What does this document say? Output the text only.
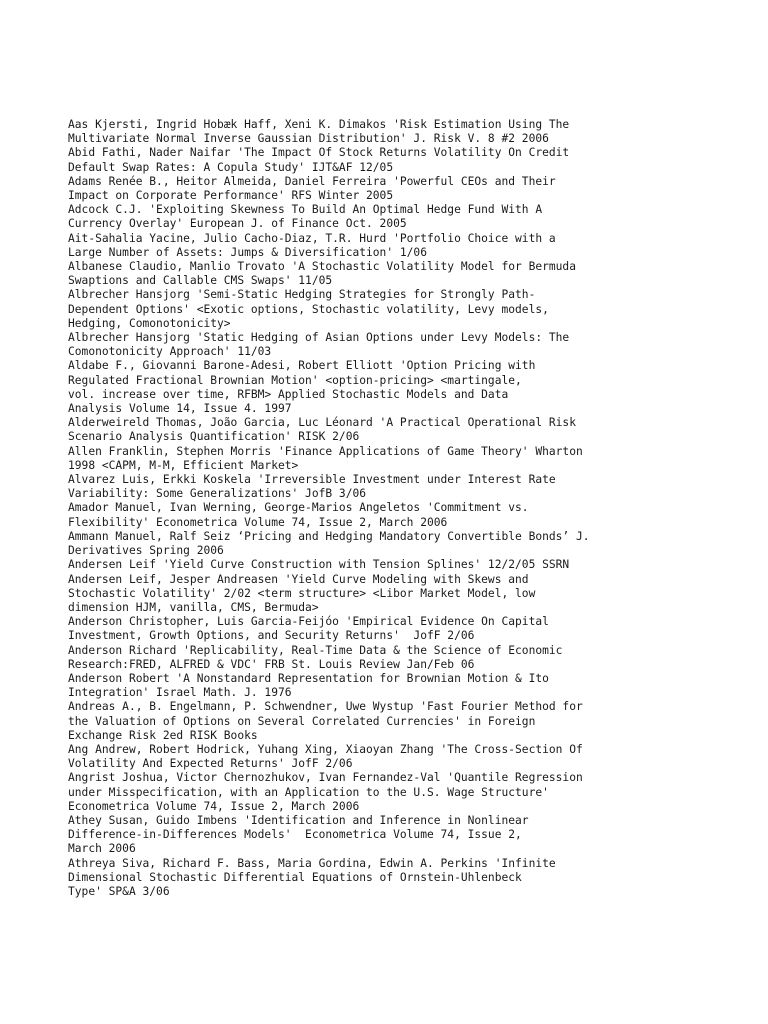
Aas Kjersti, Ingrid Hobæk Haff, Xeni K. Dimakos 'Risk Estimation Using The
Multivariate Normal Inverse Gaussian Distribution' J. Risk V. 8 #2 2006
Abid Fathi, Nader Naifar 'The Impact Of Stock Returns Volatility On Credit
Default Swap Rates: A Copula Study' IJT&AF 12/05
Adams Renée B., Heitor Almeida, Daniel Ferreira 'Powerful CEOs and Their
Impact on Corporate Performance' RFS Winter 2005
Adcock C.J. 'Exploiting Skewness To Build An Optimal Hedge Fund With A
Currency Overlay' European J. of Finance Oct. 2005
Ait-Sahalia Yacine, Julio Cacho-Diaz, T.R. Hurd 'Portfolio Choice with a
Large Number of Assets: Jumps & Diversification' 1/06
Albanese Claudio, Manlio Trovato 'A Stochastic Volatility Model for Bermuda
Swaptions and Callable CMS Swaps' 11/05
Albrecher Hansjorg 'Semi-Static Hedging Strategies for Strongly Path-
Dependent Options' <Exotic options, Stochastic volatility, Levy models,
Hedging, Comonotonicity>
Albrecher Hansjorg 'Static Hedging of Asian Options under Levy Models: The
Comonotonicity Approach' 11/03
Aldabe F., Giovanni Barone-Adesi, Robert Elliott 'Option Pricing with
Regulated Fractional Brownian Motion' <option-pricing> <martingale,
vol. increase over time, RFBM> Applied Stochastic Models and Data
Analysis Volume 14, Issue 4. 1997
Alderweireld Thomas, João Garcia, Luc Léonard 'A Practical Operational Risk
Scenario Analysis Quantification' RISK 2/06
Allen Franklin, Stephen Morris 'Finance Applications of Game Theory' Wharton
1998 <CAPM, M-M, Efficient Market>
Alvarez Luis, Erkki Koskela 'Irreversible Investment under Interest Rate
Variability: Some Generalizations' JofB 3/06
Amador Manuel, Ivan Werning, George-Marios Angeletos 'Commitment vs.
Flexibility' Econometrica Volume 74, Issue 2, March 2006
Ammann Manuel, Ralf Seiz ‘Pricing and Hedging Mandatory Convertible Bonds’ J.
Derivatives Spring 2006
Andersen Leif 'Yield Curve Construction with Tension Splines' 12/2/05 SSRN
Andersen Leif, Jesper Andreasen 'Yield Curve Modeling with Skews and
Stochastic Volatility' 2/02 <term structure> <Libor Market Model, low
dimension HJM, vanilla, CMS, Bermuda>
Anderson Christopher, Luis Garcia-Feijóo 'Empirical Evidence On Capital
Investment, Growth Options, and Security Returns'  JofF 2/06
Anderson Richard 'Replicability, Real-Time Data & the Science of Economic
Research:FRED, ALFRED & VDC' FRB St. Louis Review Jan/Feb 06
Anderson Robert 'A Nonstandard Representation for Brownian Motion & Ito
Integration' Israel Math. J. 1976
Andreas A., B. Engelmann, P. Schwendner, Uwe Wystup 'Fast Fourier Method for
the Valuation of Options on Several Correlated Currencies' in Foreign
Exchange Risk 2ed RISK Books
Ang Andrew, Robert Hodrick, Yuhang Xing, Xiaoyan Zhang 'The Cross-Section Of
Volatility And Expected Returns' JofF 2/06
Angrist Joshua, Victor Chernozhukov, Ivan Fernandez-Val 'Quantile Regression
under Misspecification, with an Application to the U.S. Wage Structure'
Econometrica Volume 74, Issue 2, March 2006
Athey Susan, Guido Imbens 'Identification and Inference in Nonlinear
Difference-in-Differences Models'  Econometrica Volume 74, Issue 2,
March 2006
Athreya Siva, Richard F. Bass, Maria Gordina, Edwin A. Perkins 'Infinite
Dimensional Stochastic Differential Equations of Ornstein-Uhlenbeck
Type' SP&A 3/06
